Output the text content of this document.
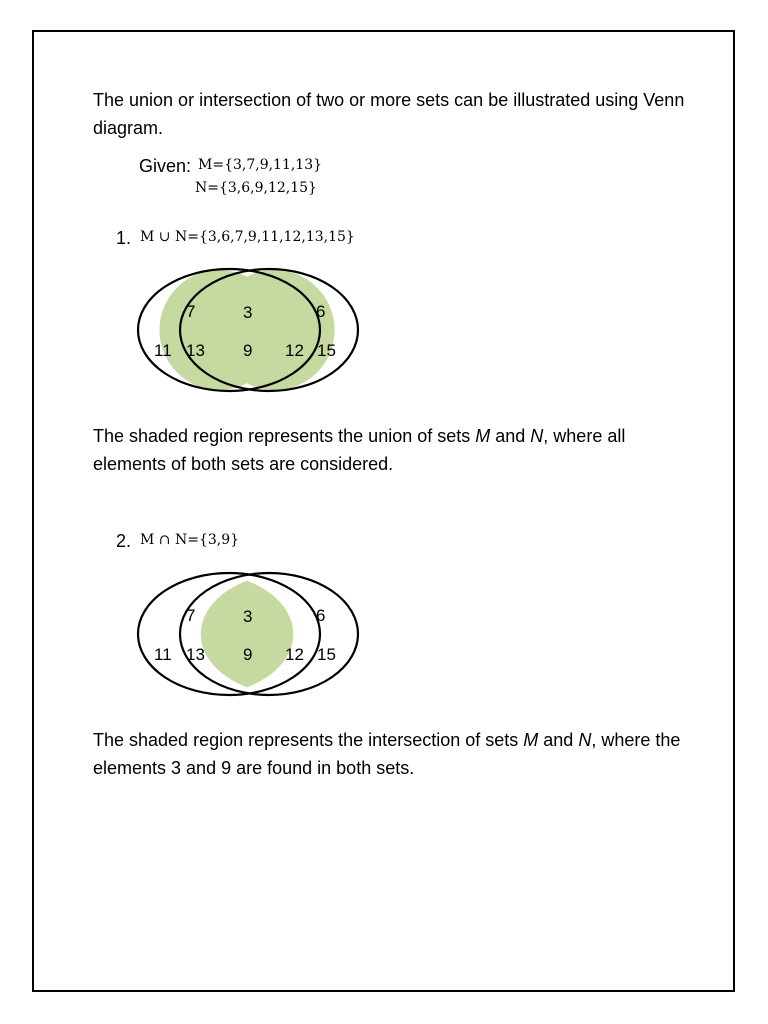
The union or intersection of two or more sets can be illustrated using Venn diagram.
Given: M={3,7,9,11,13}
N={3,6,9,12,15}
1. M ∪ N={3,6,7,9,11,12,13,15}
7
11 13
3
9
6
12 15
The shaded region represents the union of sets M and N, where all elements of both sets are considered.
2. M ∩ N={3,9}
7
11 13
3
9
6
12 15
The shaded region represents the intersection of sets M and N, where the elements 3 and 9 are found in both sets.
